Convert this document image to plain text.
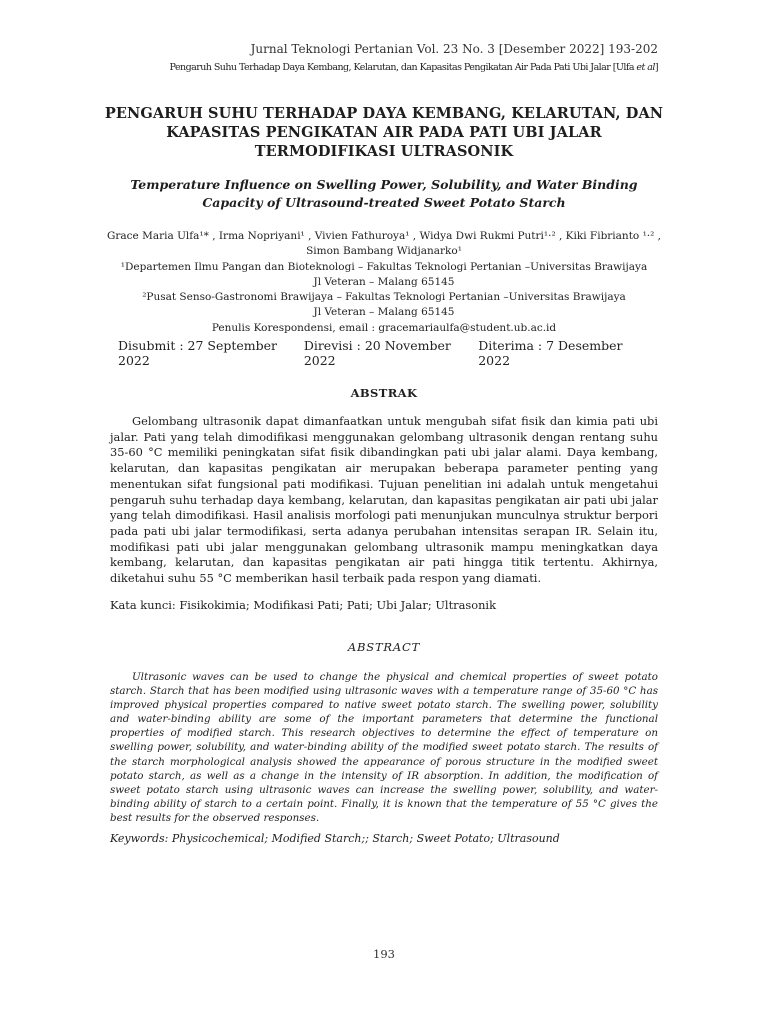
Jurnal Teknologi Pertanian Vol. 23 No. 3 [Desember 2022] 193-202
Pengaruh Suhu Terhadap Daya Kembang, Kelarutan, dan Kapasitas Pengikatan Air Pada Pati Ubi Jalar [Ulfa et al]
PENGARUH SUHU TERHADAP DAYA KEMBANG, KELARUTAN, DAN
KAPASITAS PENGIKATAN AIR PADA PATI UBI JALAR
TERMODIFIKASI ULTRASONIK
Temperature Influence on Swelling Power, Solubility, and Water Binding
Capacity of Ultrasound-treated Sweet Potato Starch
Grace Maria Ulfa¹* , Irma Nopriyani¹ , Vivien Fathuroya¹ , Widya Dwi Rukmi Putri¹·² , Kiki Fibrianto ¹·² ,
Simon Bambang Widjanarko¹
¹Departemen Ilmu Pangan dan Bioteknologi – Fakultas Teknologi Pertanian –Universitas Brawijaya
Jl Veteran – Malang 65145
²Pusat Senso-Gastronomi Brawijaya – Fakultas Teknologi Pertanian –Universitas Brawijaya
Jl Veteran – Malang 65145
Penulis Korespondensi, email : gracemariaulfa@student.ub.ac.id
Disubmit : 27 September 2022
Direvisi : 20 November 2022
Diterima : 7 Desember 2022
ABSTRAK

Gelombang ultrasonik dapat dimanfaatkan untuk mengubah sifat fisik dan kimia pati ubi jalar. Pati yang telah dimodifikasi menggunakan gelombang ultrasonik dengan rentang suhu 35-60 °C memiliki peningkatan sifat fisik dibandingkan pati ubi jalar alami. Daya kembang, kelarutan, dan kapasitas pengikatan air merupakan beberapa parameter penting yang menentukan sifat fungsional pati modifikasi. Tujuan penelitian ini adalah untuk mengetahui pengaruh suhu terhadap daya kembang, kelarutan, dan kapasitas pengikatan air pati ubi jalar yang telah dimodifikasi. Hasil analisis morfologi pati menunjukan munculnya struktur berpori pada pati ubi jalar termodifikasi, serta adanya perubahan intensitas serapan IR. Selain itu, modifikasi pati ubi jalar menggunakan gelombang ultrasonik mampu meningkatkan daya kembang, kelarutan, dan kapasitas pengikatan air pati hingga titik tertentu. Akhirnya, diketahui suhu 55 °C memberikan hasil terbaik pada respon yang diamati.

Kata kunci: Fisikokimia; Modifikasi Pati; Pati; Ubi Jalar; Ultrasonik
ABSTRACT

Ultrasonic waves can be used to change the physical and chemical properties of sweet potato starch. Starch that has been modified using ultrasonic waves with a temperature range of 35-60 °C has improved physical properties compared to native sweet potato starch. The swelling power, solubility and water-binding ability are some of the important parameters that determine the functional properties of modified starch. This research objectives to determine the effect of temperature on swelling power, solubility, and water-binding ability of the modified sweet potato starch. The results of the starch morphological analysis showed the appearance of porous structure in the modified sweet potato starch, as well as a change in the intensity of IR absorption. In addition, the modification of sweet potato starch using ultrasonic waves can increase the swelling power, solubility, and water-binding ability of starch to a certain point. Finally, it is known that the temperature of 55 °C gives the best results for the observed responses.

Keywords: Physicochemical; Modified Starch;; Starch; Sweet Potato; Ultrasound
193
